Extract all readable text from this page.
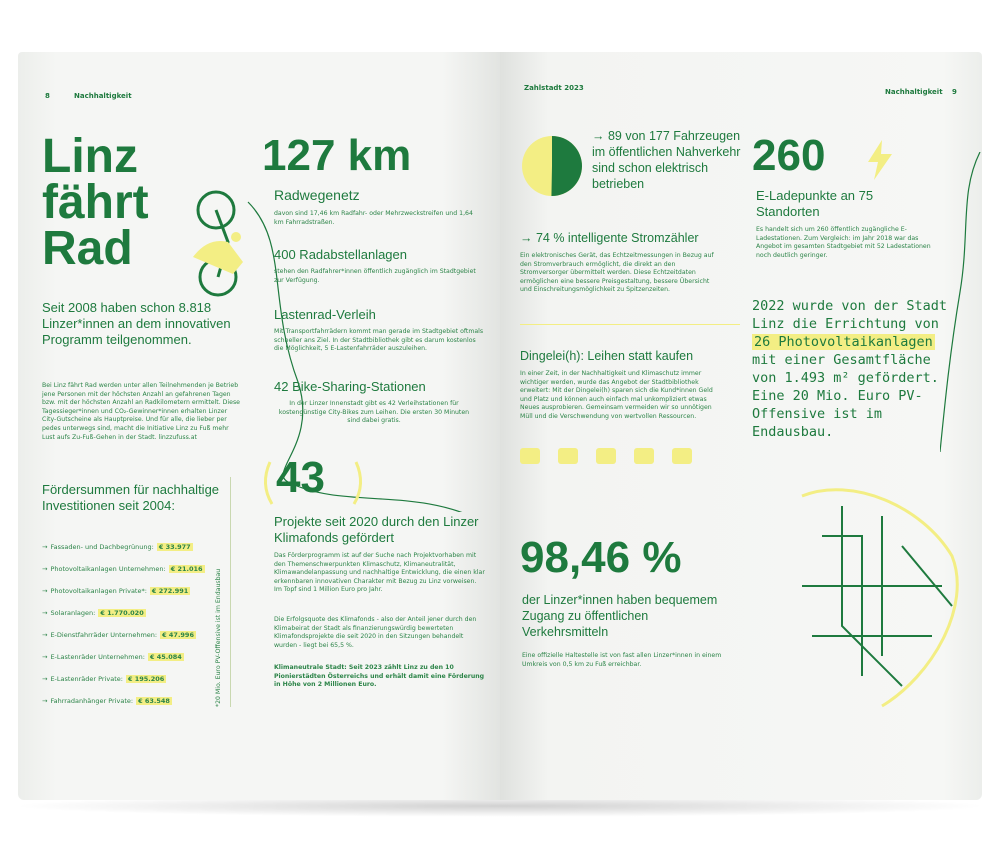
8	Nachhaltigkeit
Linz
fährt
Rad
Seit 2008 haben schon 8.818 Linzer*innen an dem innovativen Programm teilgenommen.
Bei Linz fährt Rad werden unter allen Teilnehmenden je Betrieb jene Personen mit der höchsten Anzahl an gefahrenen Tagen bzw. mit der höchsten Anzahl an Radkilometern ermittelt. Diese Tagessieger*innen und CO₂-Gewinner*innen erhalten Linzer City-Gutscheine als Hauptpreise. Und für alle, die lieber per pedes unterwegs sind, macht die Initiative Linz zu Fuß mehr Lust aufs Zu-Fuß-Gehen in der Stadt. linzzufuss.at
Fördersummen für nachhaltige Investitionen seit 2004:
→ Fassaden- und Dachbegrünung: € 33.977
→ Photovoltaikanlagen Unternehmen: € 21.016
→ Photovoltaikanlagen Private*: € 272.991
→ Solaranlagen: € 1.770.020
→ E-Dienstfahrräder Unternehmen: € 47.996
→ E-Lastenräder Unternehmen: € 45.084
→ E-Lastenräder Private: € 195.206
→ Fahrradanhänger Private: € 63.548	*20 Mio. Euro PV-Offensive ist im Endausbau
127 km
Radwegenetz
davon sind 17,46 km Radfahr- oder Mehrzweckstreifen und 1,64 km Fahrradstraßen.
400 Radabstellanlagen
stehen den Radfahrer*innen öffentlich zugänglich im Stadtgebiet zur Verfügung.
Lastenrad-Verleih
Mit Transportfahrrädern kommt man gerade im Stadtgebiet oftmals schneller ans Ziel. In der Stadtbibliothek gibt es darum kostenlos die Möglichkeit, 5 E-Lastenfahrräder auszuleihen.
42 Bike-Sharing-Stationen
In der Linzer Innenstadt gibt es 42 Verleihstationen für kostengünstige City-Bikes zum Leihen. Die ersten 30 Minuten sind dabei gratis.
43
Projekte seit 2020 durch den Linzer Klimafonds gefördert
Das Förderprogramm ist auf der Suche nach Projektvorhaben mit den Themenschwerpunkten Klimaschutz, Klimaneutralität, Klimawandelanpassung und nachhaltige Entwicklung, die einen klar erkennbaren innovativen Charakter mit Bezug zu Linz vorweisen. Im Topf sind 1 Million Euro pro Jahr.
Die Erfolgsquote des Klimafonds - also der Anteil jener durch den Klimabeirat der Stadt als finanzierungswürdig bewerteten Klimafondsprojekte die seit 2020 in den Sitzungen behandelt wurden - liegt bei 65,5 %.
Klimaneutrale Stadt: Seit 2023 zählt Linz zu den 10 Pionierstädten Österreichs und erhält damit eine Förderung in Höhe von 2 Millionen Euro.
Zahlstadt 2023	Nachhaltigkeit 9
→ 89 von 177 Fahrzeugen im öffentlichen Nahverkehr sind schon elektrisch betrieben
→ 74 % intelligente Stromzähler
Ein elektronisches Gerät, das Echtzeitmessungen in Bezug auf den Stromverbrauch ermöglicht, die direkt an den Stromversorger übermittelt werden. Diese Echtzeitdaten ermöglichen eine bessere Preisgestaltung, bessere Übersicht und Einschreitungsmöglichkeit zu Spitzenzeiten.
Dingelei(h): Leihen statt kaufen
In einer Zeit, in der Nachhaltigkeit und Klimaschutz immer wichtiger werden, wurde das Angebot der Stadtbibliothek erweitert: Mit der Dingelei(h) sparen sich die Kund*innen Geld und Platz und können auch einfach mal unkompliziert etwas Neues ausprobieren. Gemeinsam vermeiden wir so unnötigen Müll und die Verschwendung von wertvollen Ressourcen.
260
E-Ladepunkte an 75 Standorten
Es handelt sich um 260 öffentlich zugängliche E-Ladestationen. Zum Vergleich: im Jahr 2018 war das Angebot im gesamten Stadtgebiet mit 52 Ladestationen noch deutlich geringer.
2022 wurde von der Stadt Linz die Errichtung von 26 Photovoltaikanlagen mit einer Gesamtfläche von 1.493 m² gefördert. Eine 20 Mio. Euro PV-Offensive ist im Endausbau.
98,46 %
der Linzer*innen haben bequemem Zugang zu öffentlichen Verkehrsmitteln
Eine offizielle Haltestelle ist von fast allen Linzer*innen in einem Umkreis von 0,5 km zu Fuß erreichbar.
